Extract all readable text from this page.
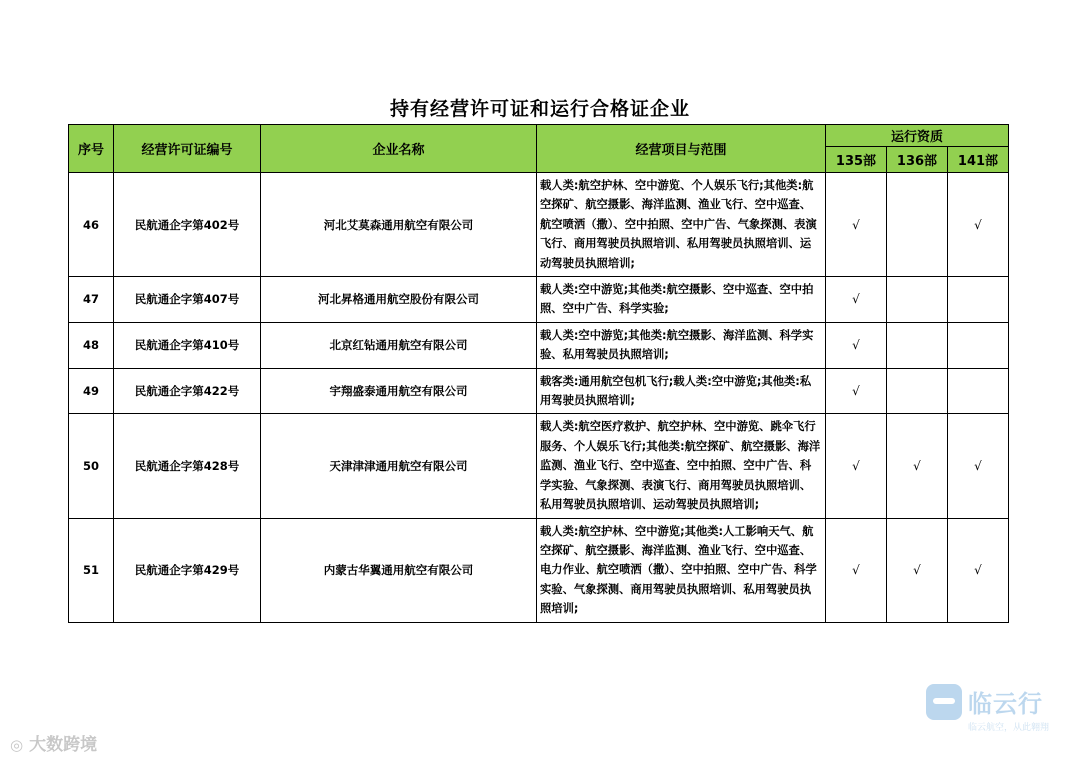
持有经营许可证和运行合格证企业
序号	经营许可证编号	企业名称	经营项目与范围	运行资质		
				135部	136部	141部
46	民航通企字第402号	河北艾莫森通用航空有限公司	载人类:航空护林、空中游览、个人娱乐飞行;其他类:航空探矿、航空摄影、海洋监测、渔业飞行、空中巡查、航空喷洒（撒）、空中拍照、空中广告、气象探测、表演飞行、商用驾驶员执照培训、私用驾驶员执照培训、运动驾驶员执照培训;	√		√
47	民航通企字第407号	河北昇格通用航空股份有限公司	载人类:空中游览;其他类:航空摄影、空中巡查、空中拍照、空中广告、科学实验;	√		
48	民航通企字第410号	北京红钻通用航空有限公司	载人类:空中游览;其他类:航空摄影、海洋监测、科学实验、私用驾驶员执照培训;	√		
49	民航通企字第422号	宇翔盛泰通用航空有限公司	载客类:通用航空包机飞行;载人类:空中游览;其他类:私用驾驶员执照培训;	√		
50	民航通企字第428号	天津津津通用航空有限公司	载人类:航空医疗救护、航空护林、空中游览、跳伞飞行服务、个人娱乐飞行;其他类:航空探矿、航空摄影、海洋监测、渔业飞行、空中巡查、空中拍照、空中广告、科学实验、气象探测、表演飞行、商用驾驶员执照培训、私用驾驶员执照培训、运动驾驶员执照培训;	√	√	√
51	民航通企字第429号	内蒙古华翼通用航空有限公司	载人类:航空护林、空中游览;其他类:人工影响天气、航空探矿、航空摄影、海洋监测、渔业飞行、空中巡查、电力作业、航空喷洒（撒）、空中拍照、空中广告、科学实验、气象探测、商用驾驶员执照培训、私用驾驶员执照培训;	√	√	√
◎ 大数跨境
临云行
临云航空，从此翱翔
